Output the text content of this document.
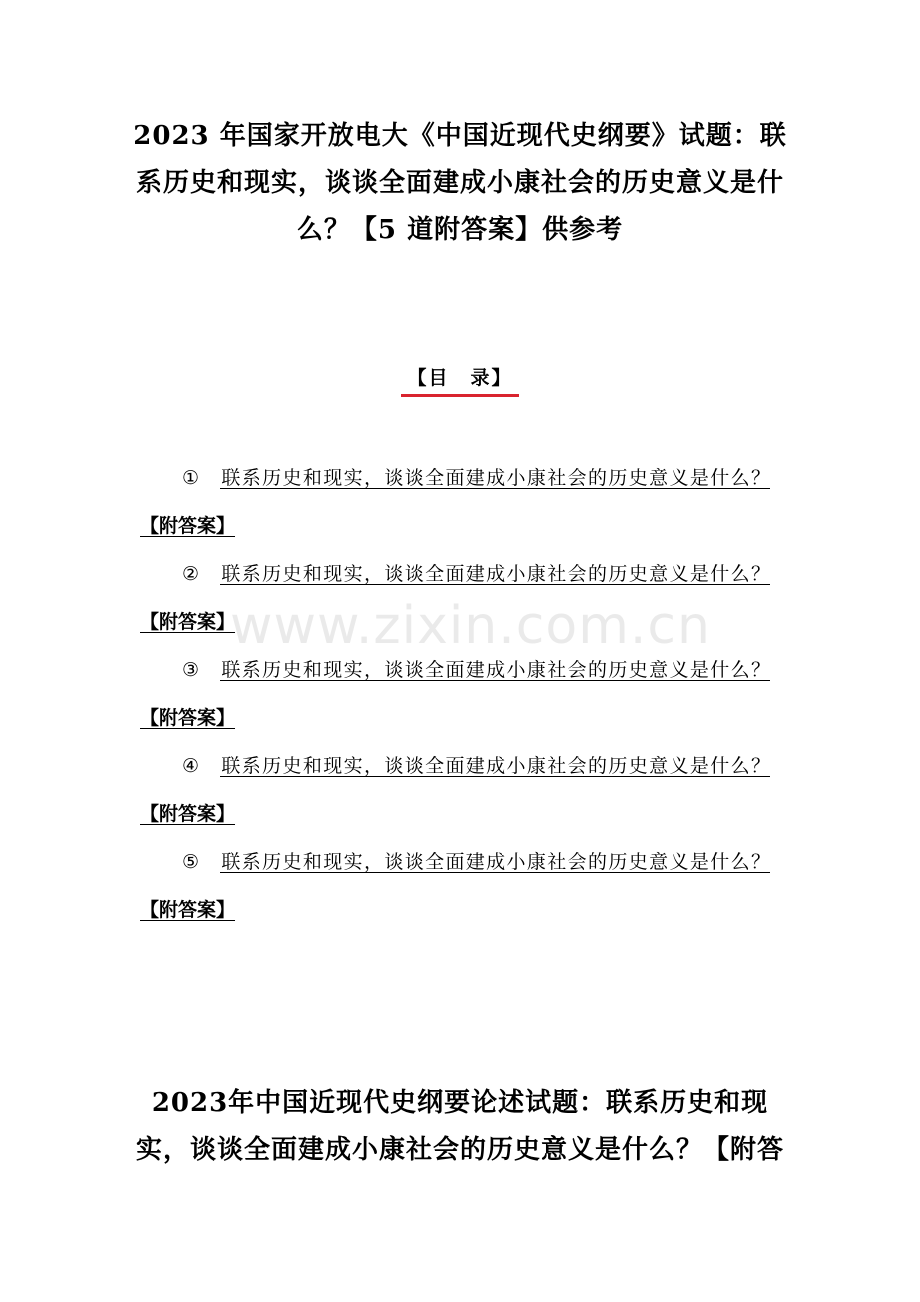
2023 年国家开放电大《中国近现代史纲要》试题：联系历史和现实，谈谈全面建成小康社会的历史意义是什么？【5 道附答案】供参考
【目　录】
① 联系历史和现实，谈谈全面建成小康社会的历史意义是什么？【附答案】
② 联系历史和现实，谈谈全面建成小康社会的历史意义是什么？【附答案】
③ 联系历史和现实，谈谈全面建成小康社会的历史意义是什么？【附答案】
④ 联系历史和现实，谈谈全面建成小康社会的历史意义是什么？【附答案】
⑤ 联系历史和现实，谈谈全面建成小康社会的历史意义是什么？【附答案】
www.zixin.com.cn
2023年中国近现代史纲要论述试题：联系历史和现实，谈谈全面建成小康社会的历史意义是什么？【附答
